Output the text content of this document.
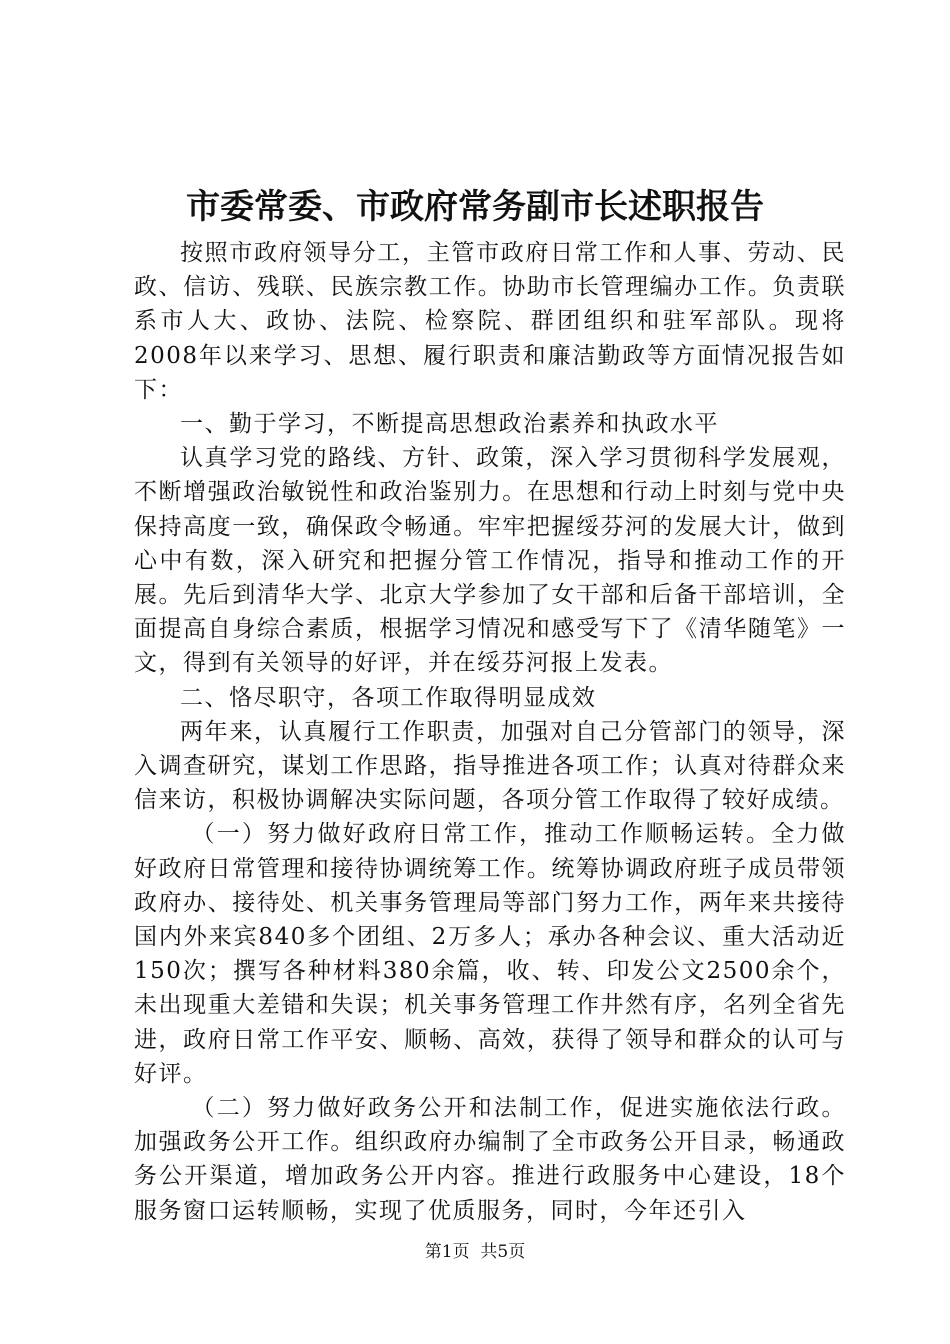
市委常委、市政府常务副市长述职报告

按照市政府领导分工，主管市政府日常工作和人事、劳动、民政、信访、残联、民族宗教工作。协助市长管理编办工作。负责联系市人大、政协、法院、检察院、群团组织和驻军部队。现将2008年以来学习、思想、履行职责和廉洁勤政等方面情况报告如下：

一、勤于学习，不断提高思想政治素养和执政水平

认真学习党的路线、方针、政策，深入学习贯彻科学发展观，不断增强政治敏锐性和政治鉴别力。在思想和行动上时刻与党中央保持高度一致，确保政令畅通。牢牢把握绥芬河的发展大计，做到心中有数，深入研究和把握分管工作情况，指导和推动工作的开展。先后到清华大学、北京大学参加了女干部和后备干部培训，全面提高自身综合素质，根据学习情况和感受写下了《清华随笔》一文，得到有关领导的好评，并在绥芬河报上发表。

二、恪尽职守，各项工作取得明显成效

两年来，认真履行工作职责，加强对自己分管部门的领导，深入调查研究，谋划工作思路，指导推进各项工作；认真对待群众来信来访，积极协调解决实际问题，各项分管工作取得了较好成绩。

（一）努力做好政府日常工作，推动工作顺畅运转。全力做好政府日常管理和接待协调统筹工作。统筹协调政府班子成员带领政府办、接待处、机关事务管理局等部门努力工作，两年来共接待国内外来宾840多个团组、2万多人；承办各种会议、重大活动近150次；撰写各种材料380余篇，收、转、印发公文2500余个，未出现重大差错和失误；机关事务管理工作井然有序，名列全省先进，政府日常工作平安、顺畅、高效，获得了领导和群众的认可与好评。

（二）努力做好政务公开和法制工作，促进实施依法行政。加强政务公开工作。组织政府办编制了全市政务公开目录，畅通政务公开渠道，增加政务公开内容。推进行政服务中心建设，18个服务窗口运转顺畅，实现了优质服务，同时，今年还引入

第1页 共5页
